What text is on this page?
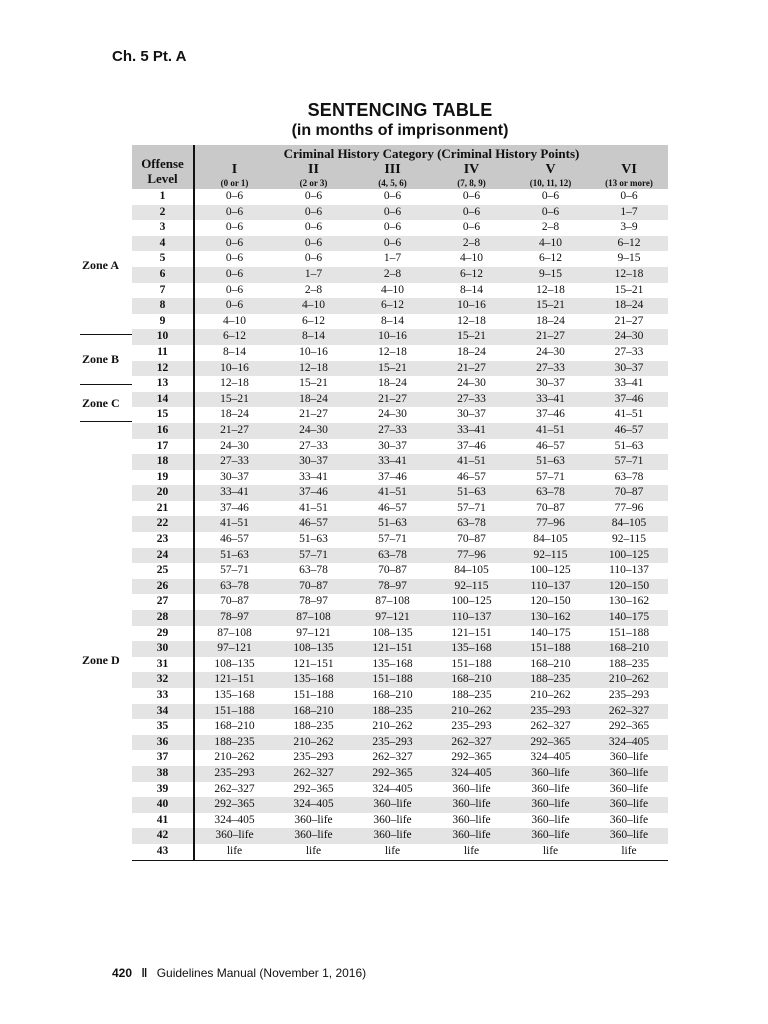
Ch. 5 Pt. A
SENTENCING TABLE
(in months of imprisonment)
Offense
Level	Criminal History Category (Criminal History Points)					
	I	II	III	IV	V	VI
	(0 or 1)	(2 or 3)	(4, 5, 6)	(7, 8, 9)	(10, 11, 12)	(13 or more)
1	0–6	0–6	0–6	0–6	0–6	0–6
2	0–6	0–6	0–6	0–6	0–6	1–7
3	0–6	0–6	0–6	0–6	2–8	3–9
4	0–6	0–6	0–6	2–8	4–10	6–12
5	0–6	0–6	1–7	4–10	6–12	9–15
6	0–6	1–7	2–8	6–12	9–15	12–18
7	0–6	2–8	4–10	8–14	12–18	15–21
8	0–6	4–10	6–12	10–16	15–21	18–24
9	4–10	6–12	8–14	12–18	18–24	21–27
10	6–12	8–14	10–16	15–21	21–27	24–30
11	8–14	10–16	12–18	18–24	24–30	27–33
12	10–16	12–18	15–21	21–27	27–33	30–37
13	12–18	15–21	18–24	24–30	30–37	33–41
14	15–21	18–24	21–27	27–33	33–41	37–46
15	18–24	21–27	24–30	30–37	37–46	41–51
16	21–27	24–30	27–33	33–41	41–51	46–57
17	24–30	27–33	30–37	37–46	46–57	51–63
18	27–33	30–37	33–41	41–51	51–63	57–71
19	30–37	33–41	37–46	46–57	57–71	63–78
20	33–41	37–46	41–51	51–63	63–78	70–87
21	37–46	41–51	46–57	57–71	70–87	77–96
22	41–51	46–57	51–63	63–78	77–96	84–105
23	46–57	51–63	57–71	70–87	84–105	92–115
24	51–63	57–71	63–78	77–96	92–115	100–125
25	57–71	63–78	70–87	84–105	100–125	110–137
26	63–78	70–87	78–97	92–115	110–137	120–150
27	70–87	78–97	87–108	100–125	120–150	130–162
28	78–97	87–108	97–121	110–137	130–162	140–175
29	87–108	97–121	108–135	121–151	140–175	151–188
30	97–121	108–135	121–151	135–168	151–188	168–210
31	108–135	121–151	135–168	151–188	168–210	188–235
32	121–151	135–168	151–188	168–210	188–235	210–262
33	135–168	151–188	168–210	188–235	210–262	235–293
34	151–188	168–210	188–235	210–262	235–293	262–327
35	168–210	188–235	210–262	235–293	262–327	292–365
36	188–235	210–262	235–293	262–327	292–365	324–405
37	210–262	235–293	262–327	292–365	324–405	360–life
38	235–293	262–327	292–365	324–405	360–life	360–life
39	262–327	292–365	324–405	360–life	360–life	360–life
40	292–365	324–405	360–life	360–life	360–life	360–life
41	324–405	360–life	360–life	360–life	360–life	360–life
42	360–life	360–life	360–life	360–life	360–life	360–life
43	life	life	life	life	life	life
Zone A
Zone B
Zone C
Zone D
420 ‖ Guidelines Manual (November 1, 2016)
